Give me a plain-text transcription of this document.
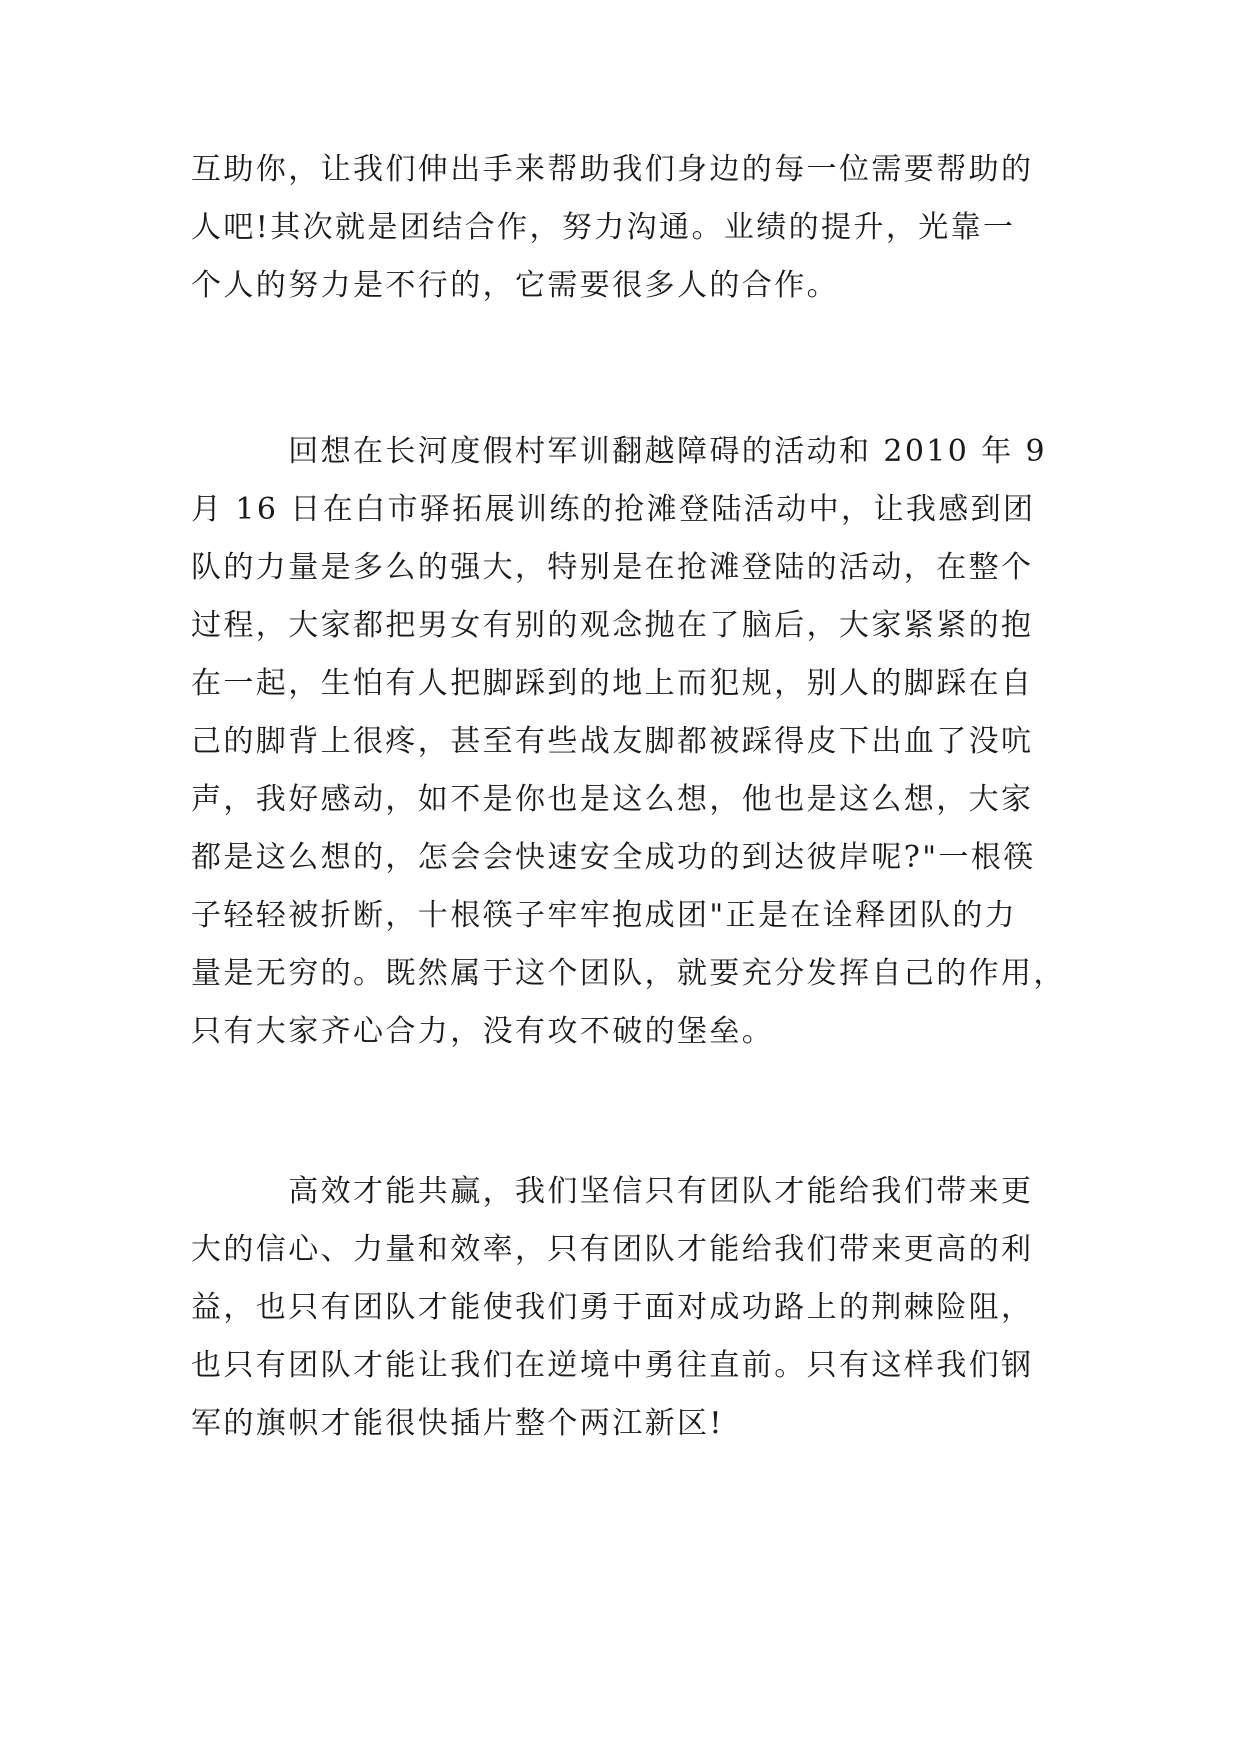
互助你，让我们伸出手来帮助我们身边的每一位需要帮助的

人吧!其次就是团结合作，努力沟通。业绩的提升，光靠一

个人的努力是不行的，它需要很多人的合作。

　　　回想在长河度假村军训翻越障碍的活动和 2010 年 9

月 16 日在白市驿拓展训练的抢滩登陆活动中，让我感到团

队的力量是多么的强大，特别是在抢滩登陆的活动，在整个

过程，大家都把男女有别的观念抛在了脑后，大家紧紧的抱

在一起，生怕有人把脚踩到的地上而犯规，别人的脚踩在自

己的脚背上很疼，甚至有些战友脚都被踩得皮下出血了没吭

声，我好感动，如不是你也是这么想，他也是这么想，大家

都是这么想的，怎会会快速安全成功的到达彼岸呢?"一根筷

子轻轻被折断，十根筷子牢牢抱成团"正是在诠释团队的力

量是无穷的。既然属于这个团队，就要充分发挥自己的作用，

只有大家齐心合力，没有攻不破的堡垒。

　　　高效才能共赢，我们坚信只有团队才能给我们带来更

大的信心、力量和效率，只有团队才能给我们带来更高的利

益，也只有团队才能使我们勇于面对成功路上的荆棘险阻，

也只有团队才能让我们在逆境中勇往直前。只有这样我们钢

军的旗帜才能很快插片整个两江新区!
